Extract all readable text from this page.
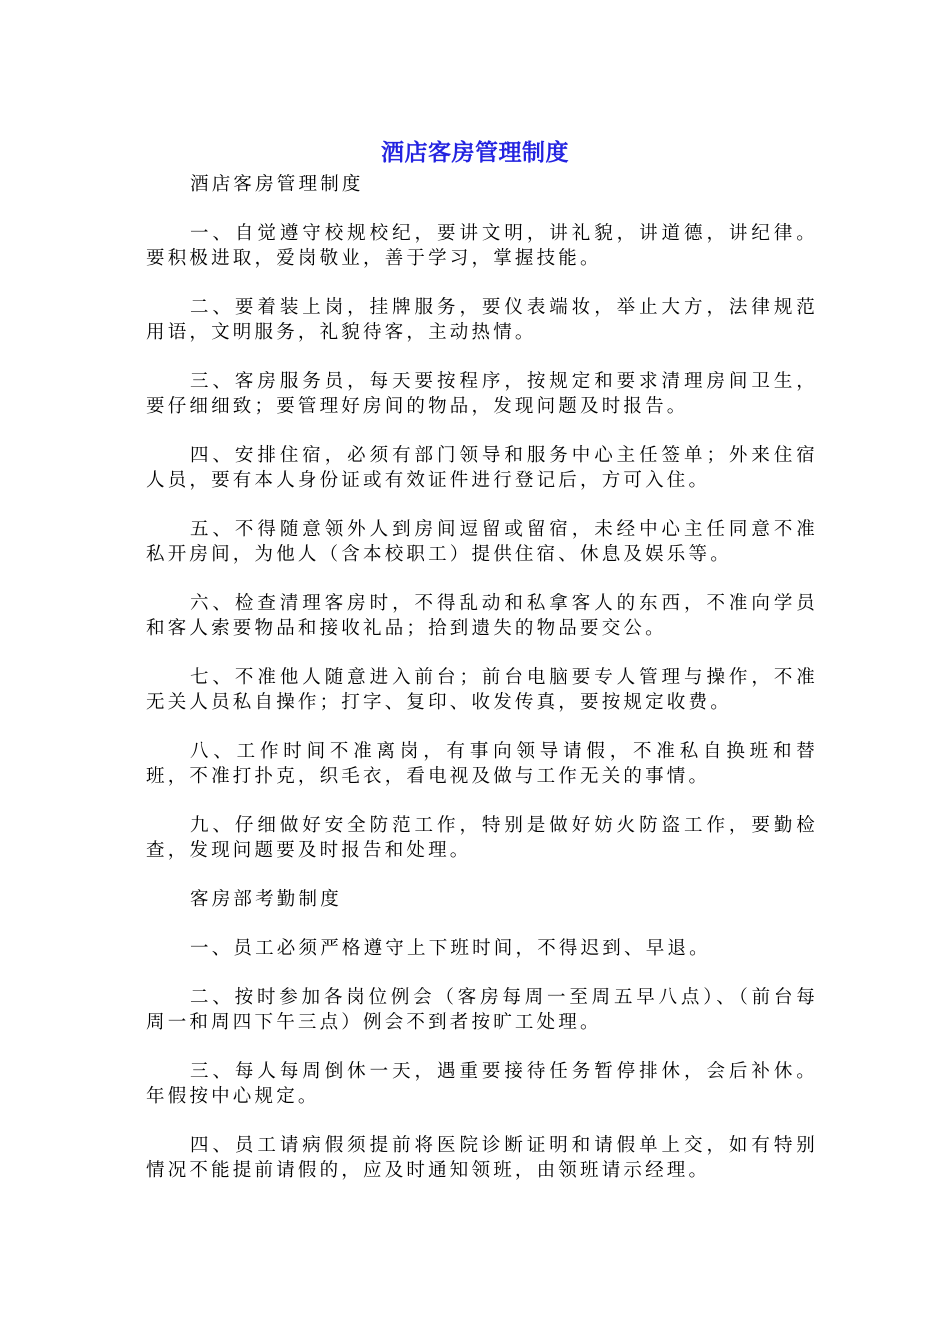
酒店客房管理制度

酒店客房管理制度

一、自觉遵守校规校纪，要讲文明，讲礼貌，讲道德，讲纪律。要积极进取，爱岗敬业，善于学习，掌握技能。

二、要着装上岗，挂牌服务，要仪表端妆，举止大方，法律规范用语，文明服务，礼貌待客，主动热情。

三、客房服务员，每天要按程序，按规定和要求清理房间卫生，要仔细细致；要管理好房间的物品，发现问题及时报告。

四、安排住宿，必须有部门领导和服务中心主任签单；外来住宿人员，要有本人身份证或有效证件进行登记后，方可入住。

五、不得随意领外人到房间逗留或留宿，未经中心主任同意不准私开房间，为他人（含本校职工）提供住宿、休息及娱乐等。

六、检查清理客房时，不得乱动和私拿客人的东西，不准向学员和客人索要物品和接收礼品；拾到遗失的物品要交公。

七、不准他人随意进入前台；前台电脑要专人管理与操作，不准无关人员私自操作；打字、复印、收发传真，要按规定收费。

八、工作时间不准离岗，有事向领导请假，不准私自换班和替班，不准打扑克，织毛衣，看电视及做与工作无关的事情。

九、仔细做好安全防范工作，特别是做好妨火防盗工作，要勤检查，发现问题要及时报告和处理。

客房部考勤制度

一、员工必须严格遵守上下班时间，不得迟到、早退。

二、按时参加各岗位例会（客房每周一至周五早八点）、（前台每周一和周四下午三点）例会不到者按旷工处理。

三、每人每周倒休一天，遇重要接待任务暂停排休，会后补休。年假按中心规定。

四、员工请病假须提前将医院诊断证明和请假单上交，如有特别情况不能提前请假的，应及时通知领班，由领班请示经理。
